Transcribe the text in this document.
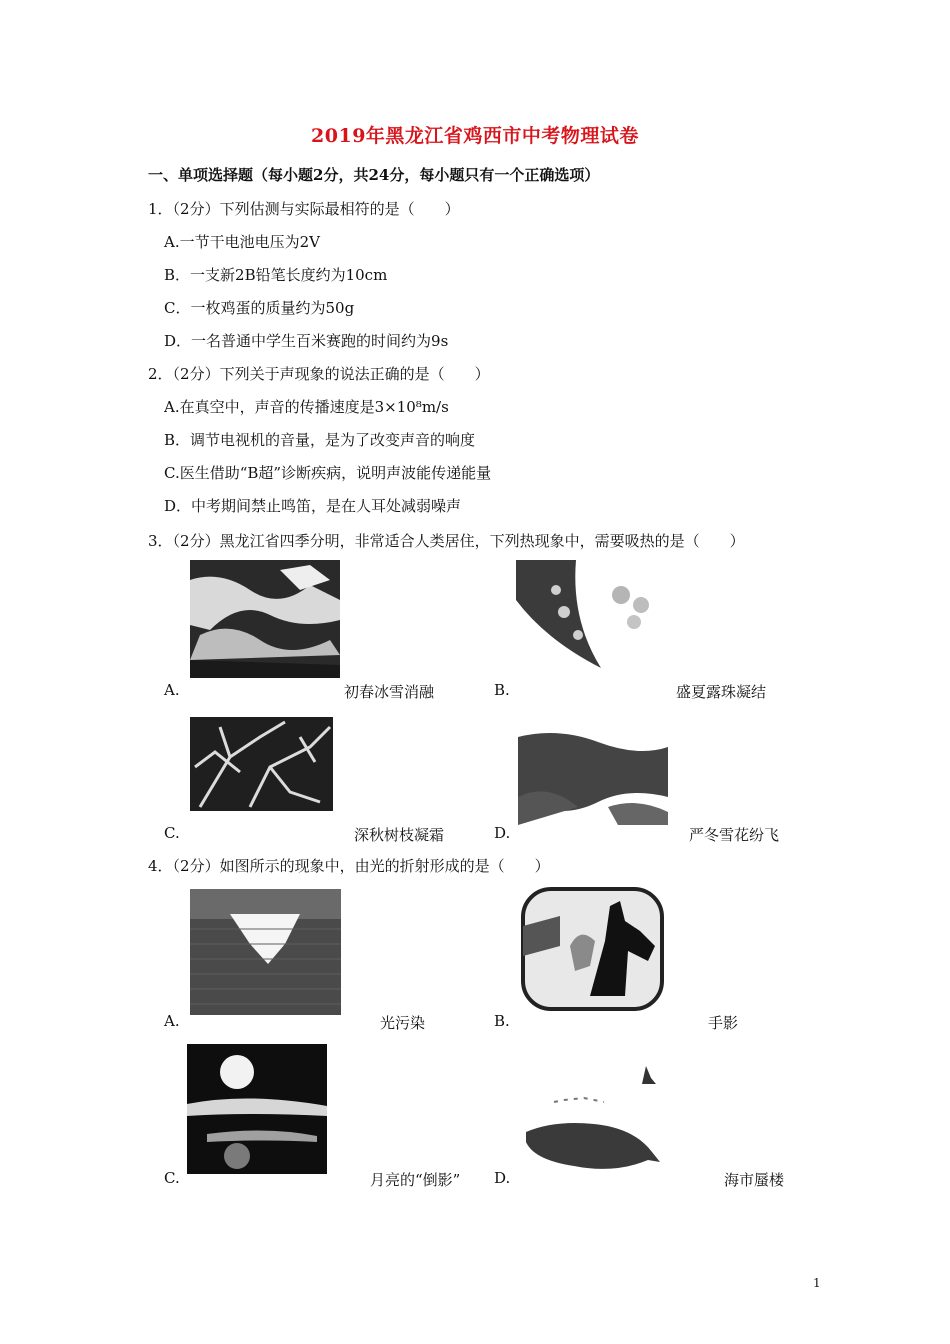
2019年黑龙江省鸡西市中考物理试卷
一、单项选择题（每小题2分，共24分，每小题只有一个正确选项）
1．（2分）下列估测与实际最相符的是（　　）
A.一节干电池电压为2V
B．一支新2B铅笔长度约为10cm
C．一枚鸡蛋的质量约为50g
D．一名普通中学生百米赛跑的时间约为9s
2．（2分）下列关于声现象的说法正确的是（　　）
A.在真空中，声音的传播速度是3×10⁸m/s
B．调节电视机的音量，是为了改变声音的响度
C.医生借助“B超”诊断疾病，说明声波能传递能量
D．中考期间禁止鸣笛，是在人耳处减弱噪声
3．（2分）黑龙江省四季分明，非常适合人类居住，下列热现象中，需要吸热的是（　　）
A.	初春冰雪消融	B.	盛夏露珠凝结
C.	深秋树枝凝霜	D.	严冬雪花纷飞
4．（2分）如图所示的现象中，由光的折射形成的是（　　）
A.	光污染	B.	手影
C.	月亮的“倒影” D.	海市蜃楼
1
